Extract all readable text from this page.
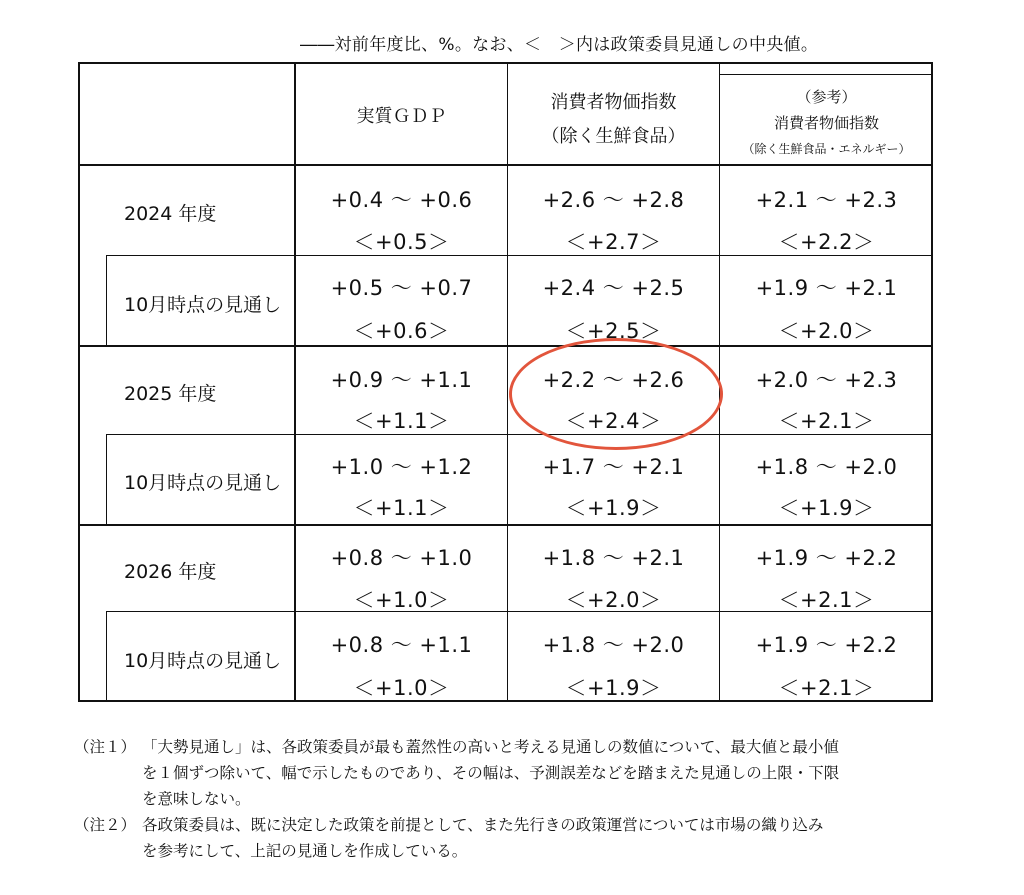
――対前年度比、%。なお、＜　＞内は政策委員見通しの中央値。
実質ＧＤＰ
消費者物価指数
（除く生鮮食品）
（参考）
消費者物価指数
（除く生鮮食品・エネルギー）
2024 年度
10月時点の見通し
2025 年度
10月時点の見通し
2026 年度
10月時点の見通し
+0.4 ～ +0.6
＜+0.5＞
+2.6 ～ +2.8
＜+2.7＞
+2.1 ～ +2.3
＜+2.2＞
+0.5 ～ +0.7
＜+0.6＞
+2.4 ～ +2.5
＜+2.5＞
+1.9 ～ +2.1
＜+2.0＞
+0.9 ～ +1.1
＜+1.1＞
+2.2 ～ +2.6
＜+2.4＞
+2.0 ～ +2.3
＜+2.1＞
+1.0 ～ +1.2
＜+1.1＞
+1.7 ～ +2.1
＜+1.9＞
+1.8 ～ +2.0
＜+1.9＞
+0.8 ～ +1.0
＜+1.0＞
+1.8 ～ +2.1
＜+2.0＞
+1.9 ～ +2.2
＜+2.1＞
+0.8 ～ +1.1
＜+1.0＞
+1.8 ～ +2.0
＜+1.9＞
+1.9 ～ +2.2
＜+2.1＞
（注１） 「大勢見通し」は、各政策委員が最も蓋然性の高いと考える見通しの数値について、最大値と最小値
を１個ずつ除いて、幅で示したものであり、その幅は、予測誤差などを踏まえた見通しの上限・下限
を意味しない。
（注２） 各政策委員は、既に決定した政策を前提として、また先行きの政策運営については市場の織り込み
を参考にして、上記の見通しを作成している。
